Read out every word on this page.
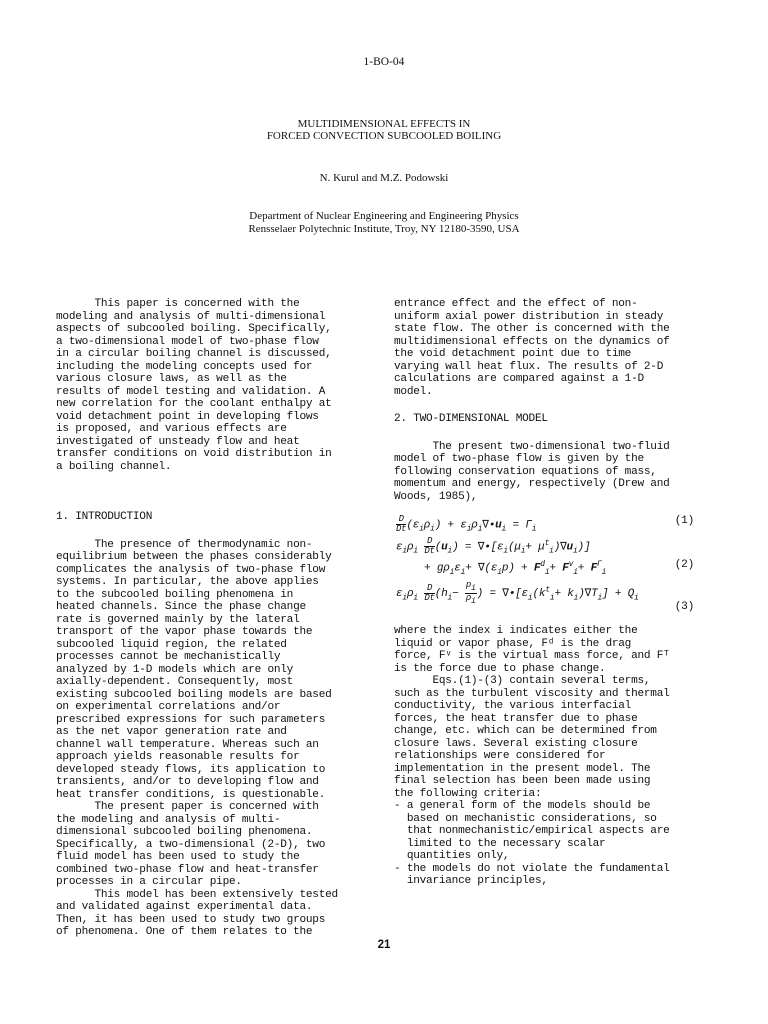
1-BO-04
MULTIDIMENSIONAL EFFECTS IN
FORCED CONVECTION SUBCOOLED BOILING
N. Kurul and M.Z. Podowski
Department of Nuclear Engineering and Engineering Physics
Rensselaer Polytechnic Institute, Troy, NY 12180-3590, USA

This paper is concerned with the
modeling and analysis of multi-dimensional
aspects of subcooled boiling. Specifically,
a two-dimensional model of two-phase flow
in a circular boiling channel is discussed,
including the modeling concepts used for
various closure laws, as well as the
results of model testing and validation. A
new correlation for the coolant enthalpy at
void detachment point in developing flows
is proposed, and various effects are
investigated of unsteady flow and heat
transfer conditions on void distribution in
a boiling channel.

1. INTRODUCTION

The presence of thermodynamic non-
equilibrium between the phases considerably
complicates the analysis of two-phase flow
systems. In particular, the above applies
to the subcooled boiling phenomena in
heated channels. Since the phase change
rate is governed mainly by the lateral
transport of the vapor phase towards the
subcooled liquid region, the related
processes cannot be mechanistically
analyzed by 1-D models which are only
axially-dependent. Consequently, most
existing subcooled boiling models are based
on experimental correlations and/or
prescribed expressions for such parameters
as the net vapor generation rate and
channel wall temperature. Whereas such an
approach yields reasonable results for
developed steady flows, its application to
transients, and/or to developing flow and
heat transfer conditions, is questionable.
The present paper is concerned with
the modeling and analysis of multi-
dimensional subcooled boiling phenomena.
Specifically, a two-dimensional (2-D), two
fluid model has been used to study the
combined two-phase flow and heat-transfer
processes in a circular pipe.

This model has been extensively tested
and validated against experimental data.
Then, it has been used to study two groups
of phenomena. One of them relates to the

entrance effect and the effect of non-
uniform axial power distribution in steady
state flow. The other is concerned with the
multidimensional effects on the dynamics of
the void detachment point due to time
varying wall heat flux. The results of 2-D
calculations are compared against a 1-D
model.

2. TWO-DIMENSIONAL MODEL

The present two-dimensional two-fluid
model of two-phase flow is given by the
following conservation equations of mass,
momentum and energy, respectively (Drew and
Woods, 1985),

$\frac{D}{Dt} (\varepsilon_i\rho_i)$ + $\varepsilon_i\rho_i\nabla•u_i = \Gamma_i$
(1)
$\varepsilon_i\rho_i \frac{D}{Dt} (u_i)$ = $\nabla•[\varepsilon_i(\mu_i+ \mu^t_i)\nabla u_i)$]
+ $g\rho_i\varepsilon_i+ \nabla(\varepsilon_ip) + F^d_i+ F^v_i+ F^\Gamma_i$
(2)
$\varepsilon_i\rho_i \frac{D}{Dt} (h_i- \frac{p_i}{\rho_i}$ ) = $\nabla•[\varepsilon_i(k^t_i+ k_i)\nabla T_i] + Q_i$
(3)

where the index i indicates either the
liquid or vapor phase, Fᵈ is the drag
force, Fᵛ is the virtual mass force, and Fᵀ
is the force due to phase change.
Eqs.(1)-(3) contain several terms,
such as the turbulent viscosity and thermal
conductivity, the various interfacial
forces, the heat transfer due to phase
change, etc. which can be determined from
closure laws. Several existing closure
relationships were considered for
implementation in the present model. The
final selection has been been made using
the following criteria:
- a general form of the models should be
based on mechanistic considerations, so
that nonmechanistic/empirical aspects are
limited to the necessary scalar
quantities only,
- the models do not violate the fundamental
invariance principles,

21
